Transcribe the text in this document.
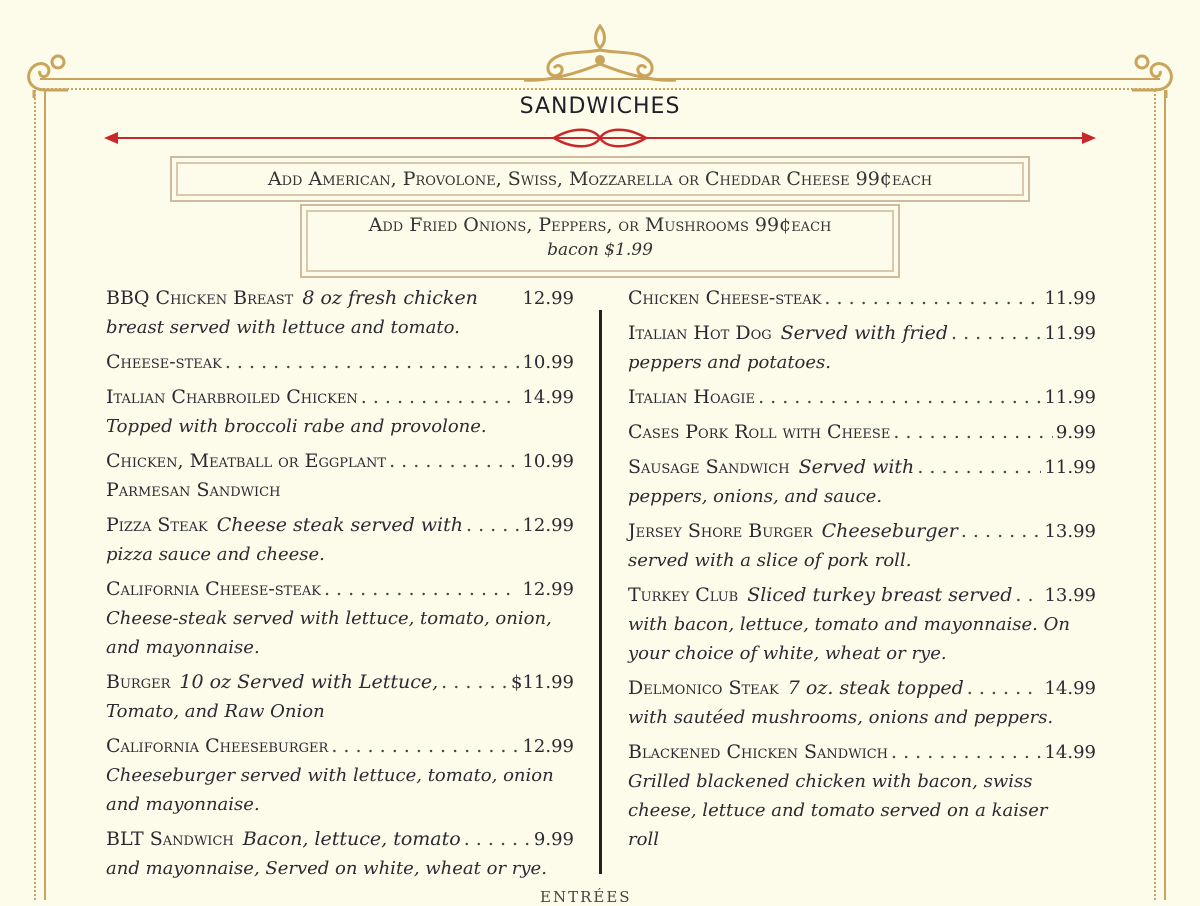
SANDWICHES
Add American, Provolone, Swiss, Mozzarella or Cheddar Cheese 99¢each
Add Fried Onions, Peppers, or Mushrooms 99¢each
bacon $1.99
BBQ Chicken Breast 8 oz fresh chicken 12.99
breast served with lettuce and tomato.
Cheese-steak . . .	10.99
Italian Charbroiled Chicken . . .	14.99
Topped with broccoli rabe and provolone.
Chicken, Meatball or Eggplant . . .	10.99
Parmesan Sandwich
Pizza Steak Cheese steak served with . . .	12.99
pizza sauce and cheese.
California Cheese-steak . . .	12.99
Cheese-steak served with lettuce, tomato, onion,
and mayonnaise.
Burger 10 oz Served with Lettuce, . . .	$11.99
Tomato, and Raw Onion
California Cheeseburger . . .	12.99
Cheeseburger served with lettuce, tomato, onion
and mayonnaise.
BLT Sandwich Bacon, lettuce, tomato . . .	9.99
and mayonnaise, Served on white, wheat or rye.
Chicken Cheese-steak . . .	11.99
Italian Hot Dog Served with fried . . .	11.99
peppers and potatoes.
Italian Hoagie . . .	11.99
Cases Pork Roll with Cheese . . .	9.99
Sausage Sandwich Served with . . .	11.99
peppers, onions, and sauce.
Jersey Shore Burger Cheeseburger . . .	13.99
served with a slice of pork roll.
Turkey Club Sliced turkey breast served . . . 13.99
with bacon, lettuce, tomato and mayonnaise. On
your choice of white, wheat or rye.
Delmonico Steak 7 oz. steak topped . . .	14.99
with sautéed mushrooms, onions and peppers.
Blackened Chicken Sandwich . . .	14.99
Grilled blackened chicken with bacon, swiss
cheese, lettuce and tomato served on a kaiser
roll
ENTRÉES
